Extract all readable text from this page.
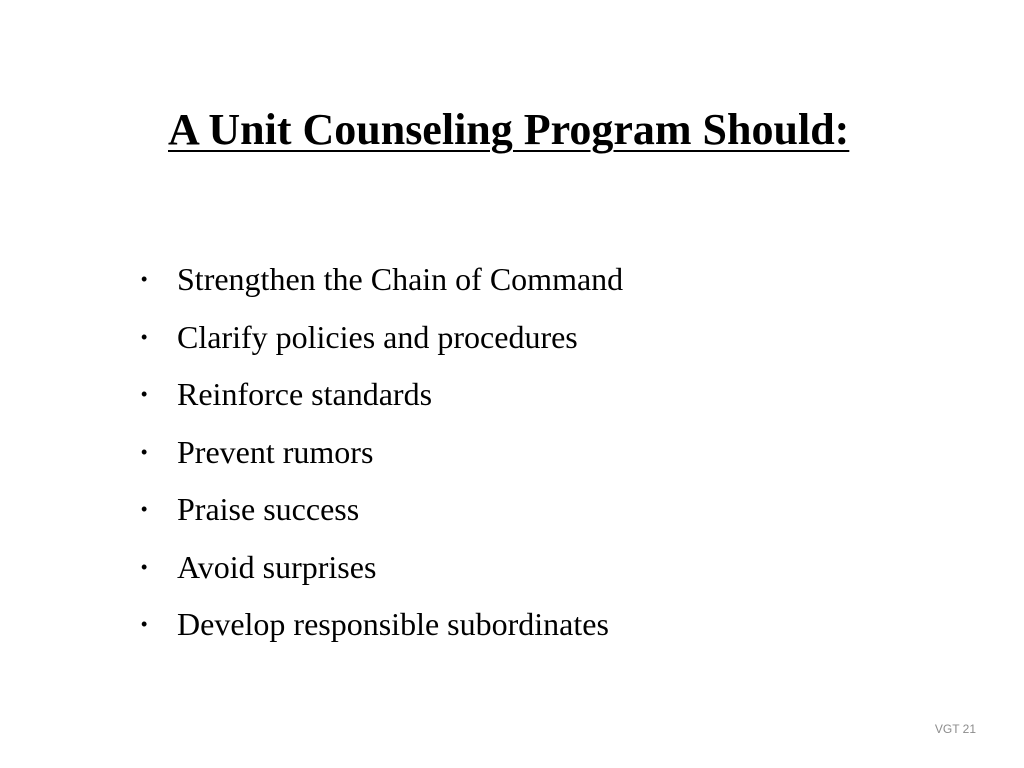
A Unit Counseling Program Should:
• Strengthen the Chain of Command
• Clarify policies and procedures
• Reinforce standards
• Prevent rumors
• Praise success
• Avoid surprises
• Develop responsible subordinates
VGT 21
